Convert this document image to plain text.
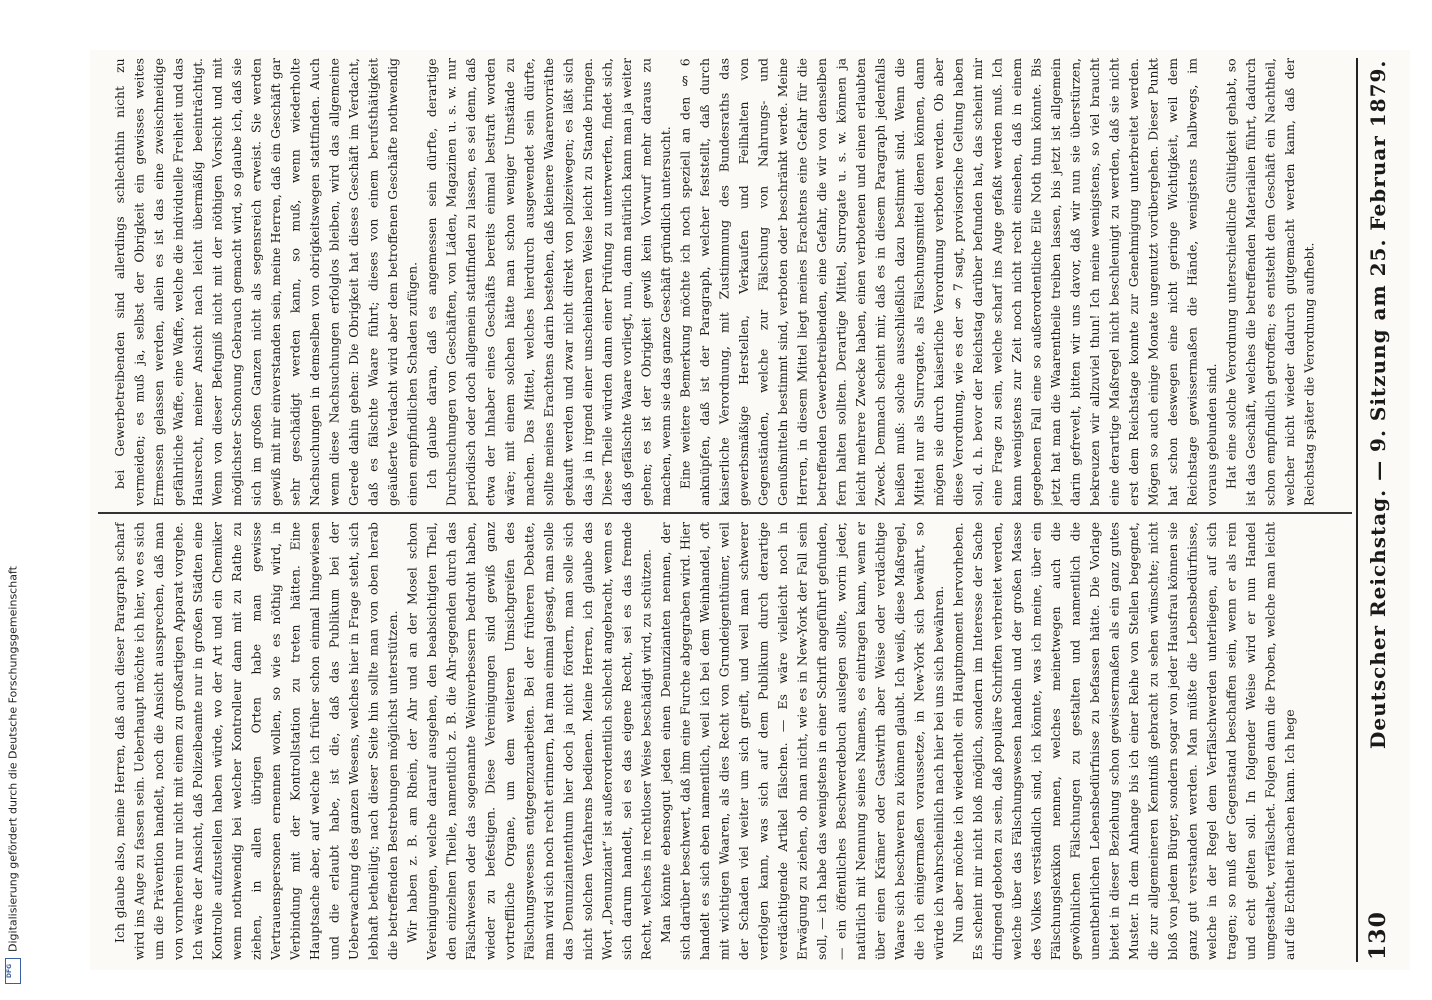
130
Deutscher Reichstag. — 9. Sitzung am 25. Februar 1879.

bei Gewerbetreibenden sind allerdings schlechthin nicht zu vermeiden; es muß ja, selbst der Obrigkeit ein gewisses weites Ermessen gelassen werden, allein es ist das eine zweischneidige gefährliche Waffe, eine Waffe, welche die individuelle Freiheit und das Hausrecht, meiner Ansicht nach leicht übermäßig beeinträchtigt. Wenn von dieser Befugniß nicht mit der nöthigen Vorsicht und mit möglichster Schonung Gebrauch gemacht wird, so glaube ich, daß sie sich im großen Ganzen nicht als segensreich erweist. Sie werden gewiß mit mir einverstanden sein, meine Herren, daß ein Geschäft gar sehr geschädigt werden kann, so muß, wenn wiederholte Nachsuchungen in demselben von obrigkeitswegen stattfinden. Auch wenn diese Nachsuchungen erfolglos bleiben, wird das allgemeine Gerede dahin gehen: Die Obrigkeit hat dieses Geschäft im Verdacht, daß es fälschte Waare führt; dieses von einem berufsthätigkeit geäußerte Verdacht wird aber dem betroffenen Geschäfte nothwendig einen empfindlichen Schaden zufügen. Ich glaube daran, daß es angemessen sein dürfte, derartige Durchsuchungen von Geschäften, von Läden, Magazinen u. s. w. nur periodisch oder doch allgemein stattfinden zu lassen, es sei denn, daß etwa der Inhaber eines Geschäfts bereits einmal bestraft worden wäre; mit einem solchen hätte man schon weniger Umstände zu machen. Das Mittel, welches hierdurch ausgewendet sein dürfte, sollte meines Erachtens darin bestehen, daß kleinere Waarenvorräthe gekauft werden und zwar nicht direkt von polizeiwegen; es läßt sich das ja in irgend einer unscheinbaren Weise leicht zu Stande bringen. Diese Theile würden dann einer Prüfung zu unterwerfen, findet sich, daß gefälschte Waare vorliegt, nun, dann natürlich kann man ja weiter gehen; es ist der Obrigkeit gewiß kein Vorwurf mehr daraus zu machen, wenn sie das ganze Geschäft gründlich untersucht. Eine weitere Bemerkung möchte ich noch speziell an den § 6 anknüpfen, daß ist der Paragraph, welcher feststellt, daß durch kaiserliche Verordnung, mit Zustimmung des Bundesraths das gewerbsmäßige Herstellen, Verkaufen und Feilhalten von Gegenständen, welche zur Fälschung von Nahrungs- und Genußmitteln bestimmt sind, verboten oder beschränkt werde. Meine Herren, in diesem Mittel liegt meines Erachtens eine Gefahr für die betreffenden Gewerbetreibenden, eine Gefahr, die wir von denselben fern halten sollten. Derartige Mittel, Surrogate u. s. w. können ja leicht mehrere Zwecke haben, einen verbotenen und einen erlaubten Zweck. Demnach scheint mir, daß es in diesem Paragraph jedenfalls heißen muß: solche ausschließlich dazu bestimmt sind. Wenn die Mittel nur als Surrogate, als Fälschungsmittel dienen können, dann mögen sie durch kaiserliche Verordnung verboten werden. Ob aber diese Verordnung, wie es der § 7 sagt, provisorische Geltung haben soll, d. h. bevor der Reichstag darüber befunden hat, das scheint mir eine Frage zu sein, welche scharf ins Auge gefaßt werden muß. Ich kann wenigstens zur Zeit noch nicht recht einsehen, daß in einem gegebenen Fall eine so außerordentliche Eile Noth thun könnte. Bis jetzt hat man die Waarentheile treiben lassen, bis jetzt ist allgemein darin gefrevelt, bitten wir uns davor, daß wir nun sie überstürzen, bekreuzen wir allzuviel thun! Ich meine wenigstens, so viel braucht eine derartige Maßregel nicht beschleunigt zu werden, daß sie nicht erst dem Reichstage konnte zur Genehmigung unterbreitet werden. Mögen so auch einige Monate ungenutzt vorübergehen. Dieser Punkt hat schon deswegen eine nicht geringe Wichtigkeit, weil dem Reichstage gewissermaßen die Hände, wenigstens halbwegs, im voraus gebunden sind. Hat eine solche Verordnung unterschiedliche Gültigkeit gehabt, so ist das Geschäft, welches die betreffenden Materialien führt, dadurch schon empfindlich getroffen; es entsteht dem Geschäft ein Nachtheil, welcher nicht wieder dadurch gutgemacht werden kann, daß der Reichstag später die Verordnung aufhebt.

Ich glaube also, meine Herren, daß auch dieser Paragraph scharf wird ins Auge zu fassen sein. Ueberhaupt möchte ich hier, wo es sich um die Prävention handelt, noch die Ansicht aussprechen, daß man von vornherein nur nicht mit einem zu großartigen Apparat vorgehe. Ich wäre der Ansicht, daß Polizeibeamte nur in großen Städten eine Kontrolle aufzustellen haben würde, wo der Art und ein Chemiker wenn nothwendig bei welcher Kontrolleur dann mit zu Rathe zu ziehen, in allen übrigen Orten habe man gewisse Vertrauenspersonen ernennen wollen, so wie es nöthig wird, in Verbindung mit der Kontrollstation zu treten hätten. Eine Hauptsache aber, auf welche ich früher schon einmal hingewiesen und die erlaubt habe, ist die, daß das Publikum bei der Ueberwachung des ganzen Wesens, welches hier in Frage steht, sich lebhaft betheiligt; nach dieser Seite hin sollte man von oben herab die betreffenden Bestrebungen möglichst unterstützen. Wir haben z. B. am Rhein, der Ahr und an der Mosel schon Vereinigungen, welche darauf ausgehen, den beabsichtigten Theil, den einzelnen Theile, namentlich z. B. die Ahr-gegenden durch das Fälschwesen oder das sogenannte Weinverbessern bedroht haben, wieder zu befestigen. Diese Vereinigungen sind gewiß ganz vortreffliche Organe, um dem weiteren Umsichgreifen des Fälschungswesens entgegenzuarbeiten. Bei der früheren Debatte, man wird sich noch recht erinnern, hat man einmal gesagt, man solle das Denunziantenthum hier doch ja nicht fördern, man solle sich nicht solchen Verfahrens bedienen. Meine Herren, ich glaube das Wort „Denunziant“ ist außerordentlich schlecht angebracht, wenn es sich darum handelt, sei es das eigene Recht, sei es das fremde Recht, welches in rechtloser Weise beschädigt wird, zu schützen. Man könnte ebensogut jeden einen Denunzianten nennen, der sich darüber beschwert, daß ihm eine Furche abgegraben wird. Hier handelt es sich eben namentlich, weil ich bei dem Weinhandel, oft mit wichtigen Waaren, als dies Recht von Grundeigenthümer, weil der Schaden viel weiter um sich greift, und weil man schwerer verfolgen kann, was sich auf dem Publikum durch derartige verdächtigende Artikel fälschen. — Es wäre vielleicht noch in Erwägung zu ziehen, ob man nicht, wie es in New-York der Fall sein soll, — ich habe das wenigstens in einer Schrift angeführt gefunden, — ein öffentliches Beschwerdebuch auslegen sollte, worin jeder, natürlich mit Nennung seines Namens, es eintragen kann, wenn er über einen Krämer oder Gastwirth aber Weise oder verdächtige Waare sich beschweren zu können glaubt. Ich weiß, diese Maßregel, die ich einigermaßen voraussetze, in New-York sich bewährt, so würde ich wahrscheinlich nach hier bei uns sich bewähren. Nun aber möchte ich wiederholt ein Hauptmoment hervorheben. Es scheint mir nicht bloß möglich, sondern im Interesse der Sache dringend geboten zu sein, daß populäre Schriften verbreitet werden, welche über das Fälschungswesen handeln und der großen Masse des Volkes verständlich sind, ich könnte, was ich meine, über ein Fälschungslexikon nennen, welches meinetwegen auch die gewöhnlichen Fälschungen zu gestalten und namentlich die unentbehrlichen Lebensbedürfnisse zu befassen hätte. Die Vorlage bietet in dieser Beziehung schon gewissermaßen als ein ganz gutes Muster. In dem Anhange bis ich einer Reihe von Stellen begegnet, die zur allgemeineren Kenntniß gebracht zu sehen wünschte; nicht bloß von jedem Bürger, sondern sogar von jeder Hausfrau können sie ganz gut verstanden werden. Man müßte die Lebensbedürfnisse, welche in der Regel dem Verfälschwerden unterliegen, auf sich tragen; so muß der Gegenstand beschaffen sein, wenn er als rein und echt gelten soll. In folgender Weise wird er nun Handel umgestaltet, verfälschet. Folgen dann die Proben, welche man leicht auf die Echtheit machen kann. Ich hege

DFG
Digitalisierung gefördert durch die Deutsche Forschungsgemeinschaft
